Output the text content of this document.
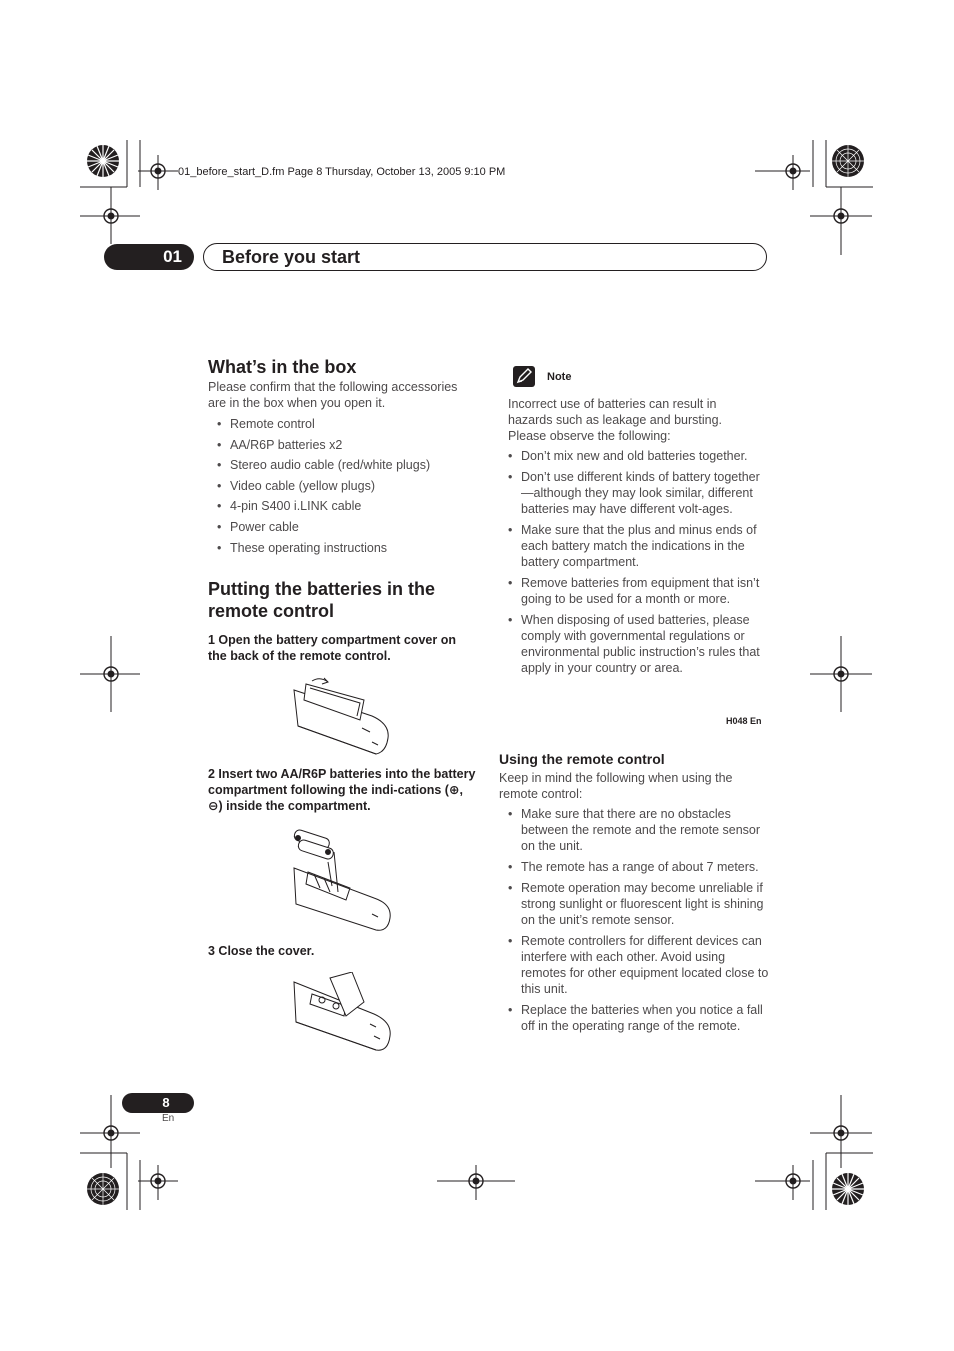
01_before_start_D.fm Page 8 Thursday, October 13, 2005 9:10 PM
01	Before you start
What’s in the box
Please confirm that the following accessories are in the box when you open it.
• Remote control
• AA/R6P batteries x2
• Stereo audio cable (red/white plugs)
• Video cable (yellow plugs)
• 4-pin S400 i.LINK cable
• Power cable
• These operating instructions
Putting the batteries in the
remote control
1 Open the battery compartment cover on the back of the remote control.
2 Insert two AA/R6P batteries into the battery compartment following the indi-cations (⊕, ⊖) inside the compartment.
3 Close the cover.
Note
Incorrect use of batteries can result in hazards such as leakage and bursting. Please observe the following:
• Don’t mix new and old batteries together.
• Don’t use different kinds of battery together—although they may look similar, different batteries may have different volt-ages.
• Make sure that the plus and minus ends of each battery match the indications in the battery compartment.
• Remove batteries from equipment that isn’t going to be used for a month or more.
• When disposing of used batteries, please comply with governmental regulations or environmental public instruction’s rules that apply in your country or area.
H048 En
Using the remote control
Keep in mind the following when using the remote control:
• Make sure that there are no obstacles between the remote and the remote sensor on the unit.
• The remote has a range of about 7 meters.
• Remote operation may become unreliable if strong sunlight or fluorescent light is shining on the unit’s remote sensor.
• Remote controllers for different devices can interfere with each other. Avoid using remotes for other equipment located close to this unit.
• Replace the batteries when you notice a fall off in the operating range of the remote.
8
En
